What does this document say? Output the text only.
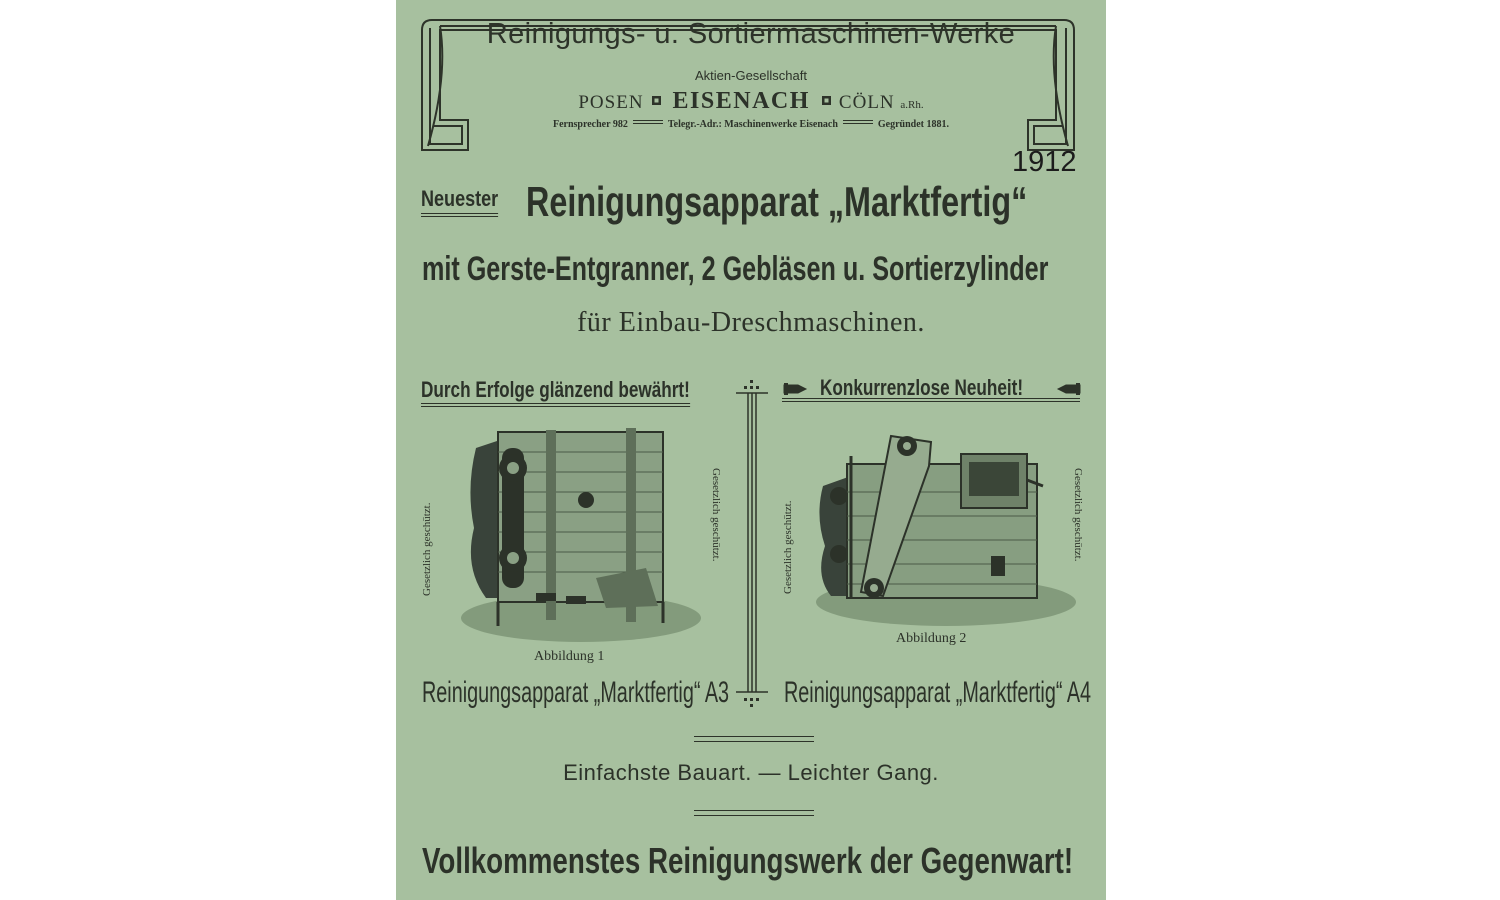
Reinigungs- u. Sortiermaschinen-Werke
Aktien-Gesellschaft
POSEN EISENACH CÖLN a.Rh.
Fernsprecher 982	Telegr.-Adr.: Maschinenwerke Eisenach	Gegründet 1881.
1912
Neuester Reinigungsapparat „Marktfertig“
mit Gerste-Entgranner, 2 Gebläsen u. Sortierzylinder
für Einbau-Dreschmaschinen.
Durch Erfolge glänzend bewährt!	Konkurrenzlose Neuheit!
Gesetzlich geschützt.	Gesetzlich geschützt.	Gesetzlich geschützt.	Gesetzlich geschützt.
Abbildung 1
Reinigungsapparat „Marktfertig“ A3
Abbildung 2
Reinigungsapparat „Marktfertig“ A4
Einfachste Bauart. — Leichter Gang.
Vollkommenstes Reinigungswerk der Gegenwart!
